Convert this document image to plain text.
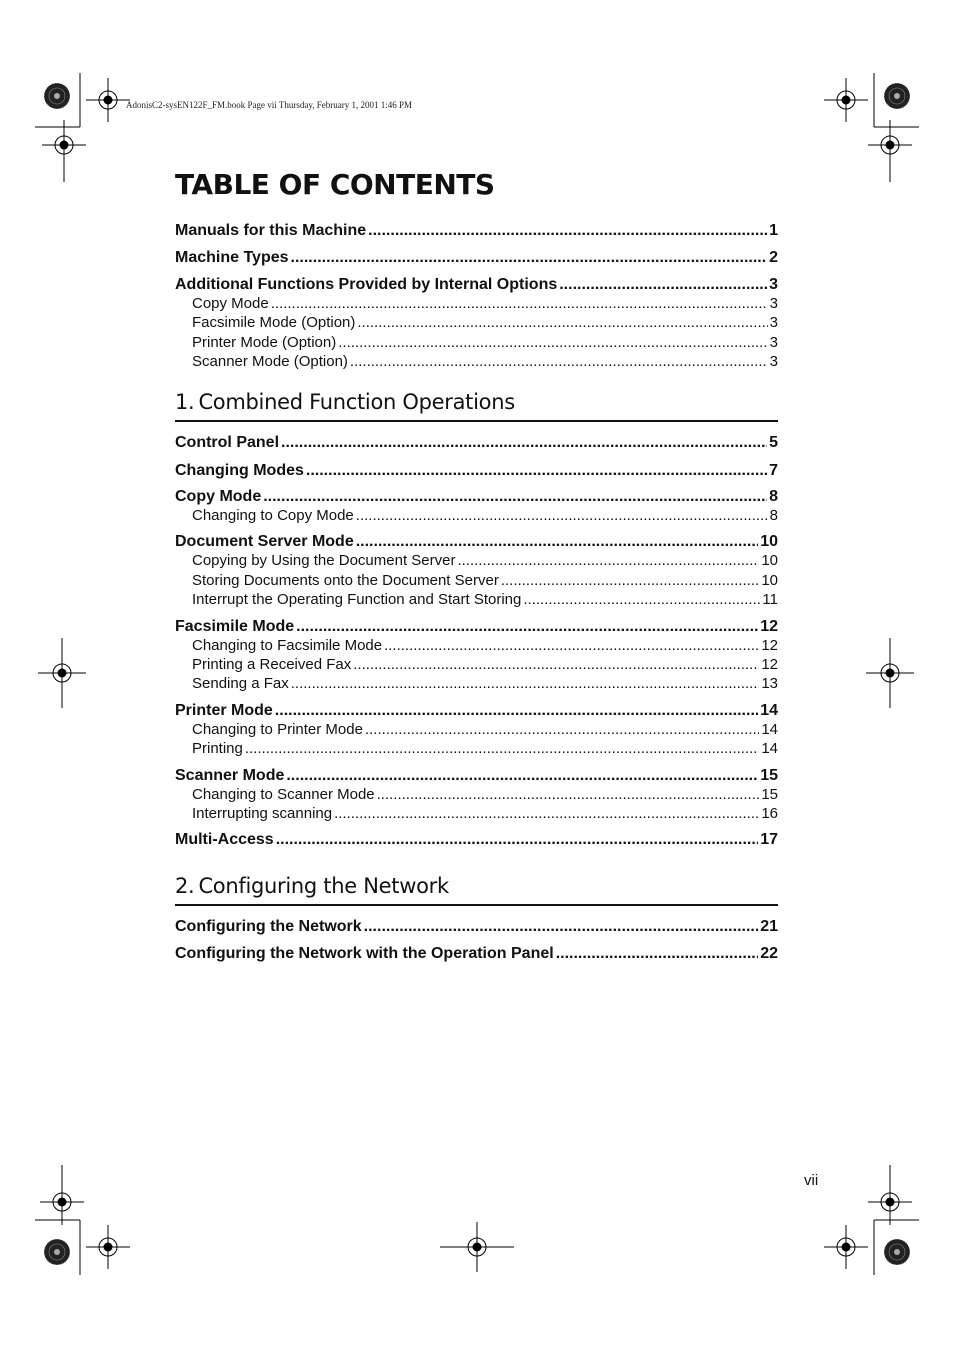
AdonisC2-sysEN122F_FM.book Page vii Thursday, February 1, 2001 1:46 PM
TABLE OF CONTENTS
Manuals for this Machine .....	1
Machine Types .....	2
Additional Functions Provided by Internal Options .....	3
Copy Mode .....	3
Facsimile Mode (Option) .....	3
Printer Mode (Option) .....	3
Scanner Mode (Option) .....	3
1. Combined Function Operations
Control Panel .....	5
Changing Modes .....	7
Copy Mode .....	8
Changing to Copy Mode .....	8
Document Server Mode .....	10
Copying by Using the Document Server .....	10
Storing Documents onto the Document Server .....	10
Interrupt the Operating Function and Start Storing .....	11
Facsimile Mode .....	12
Changing to Facsimile Mode .....	12
Printing a Received Fax .....	12
Sending a Fax .....	13
Printer Mode .....	14
Changing to Printer Mode .....	14
Printing .....	14
Scanner Mode .....	15
Changing to Scanner Mode .....	15
Interrupting scanning .....	16
Multi-Access .....	17
2. Configuring the Network
Configuring the Network .....	21
Configuring the Network with the Operation Panel .....	22
vii
